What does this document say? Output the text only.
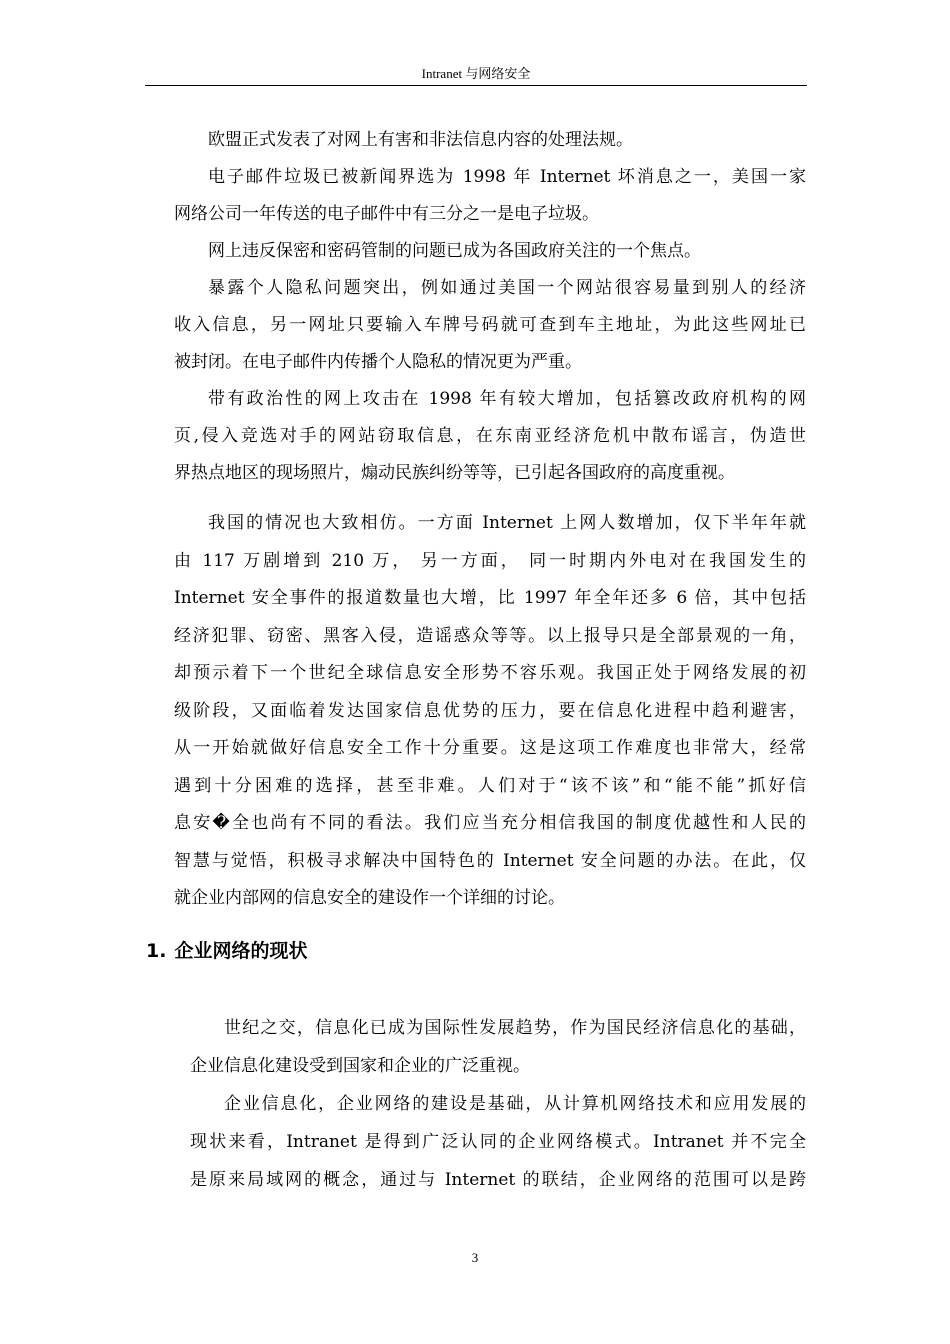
Intranet 与网络安全
欧盟正式发表了对网上有害和非法信息内容的处理法规。
电子邮件垃圾已被新闻界选为 1998 年 Internet 坏消息之一，美国一家
网络公司一年传送的电子邮件中有三分之一是电子垃圾。
网上违反保密和密码管制的问题已成为各国政府关注的一个焦点。
暴露个人隐私问题突出，例如通过美国一个网站很容易量到别人的经济
收入信息，另一网址只要输入车牌号码就可查到车主地址，为此这些网址已
被封闭。在电子邮件内传播个人隐私的情况更为严重。
带有政治性的网上攻击在 1998 年有较大增加，包括篡改政府机构的网
页,侵入竞选对手的网站窃取信息，在东南亚经济危机中散布谣言，伪造世
界热点地区的现场照片，煽动民族纠纷等等，已引起各国政府的高度重视。
我国的情况也大致相仿。一方面 Internet 上网人数增加，仅下半年年就
由 117 万剧增到 210 万， 另一方面， 同一时期内外电对在我国发生的
Internet 安全事件的报道数量也大增，比 1997 年全年还多 6 倍，其中包括
经济犯罪、窃密、黑客入侵，造谣惑众等等。以上报导只是全部景观的一角，
却预示着下一个世纪全球信息安全形势不容乐观。我国正处于网络发展的初
级阶段，又面临着发达国家信息优势的压力，要在信息化进程中趋利避害，
从一开始就做好信息安全工作十分重要。这是这项工作难度也非常大，经常
遇到十分困难的选择，甚至非难。人们对于“该不该”和“能不能”抓好信
息安�全也尚有不同的看法。我们应当充分相信我国的制度优越性和人民的
智慧与觉悟，积极寻求解决中国特色的 Internet 安全问题的办法。在此，仅
就企业内部网的信息安全的建设作一个详细的讨论。
1. 企业网络的现状
世纪之交，信息化已成为国际性发展趋势，作为国民经济信息化的基础，
企业信息化建设受到国家和企业的广泛重视。
企业信息化，企业网络的建设是基础，从计算机网络技术和应用发展的
现状来看，Intranet 是得到广泛认同的企业网络模式。Intranet 并不完全
是原来局域网的概念，通过与 Internet 的联结，企业网络的范围可以是跨
3
